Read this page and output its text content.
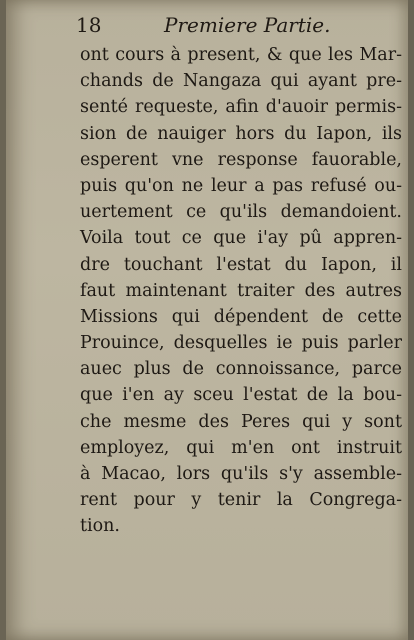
18	Premiere Partie.
ont cours à present, & que les Mar-
chands de Nangaza qui ayant pre-
senté requeste, afin d'auoir permis-
sion de nauiger hors du Iapon, ils
esperent vne response fauorable,
puis qu'on ne leur a pas refusé ou-
uertement ce qu'ils demandoient.
Voila tout ce que i'ay pû appren-
dre touchant l'estat du Iapon, il
faut maintenant traiter des autres
Missions qui dépendent de cette
Prouince, desquelles ie puis parler
auec plus de connoissance, parce
que i'en ay sceu l'estat de la bou-
che mesme des Peres qui y sont
employez, qui m'en ont instruit
à Macao, lors qu'ils s'y assemble-
rent pour y tenir la Congrega-
tion.
